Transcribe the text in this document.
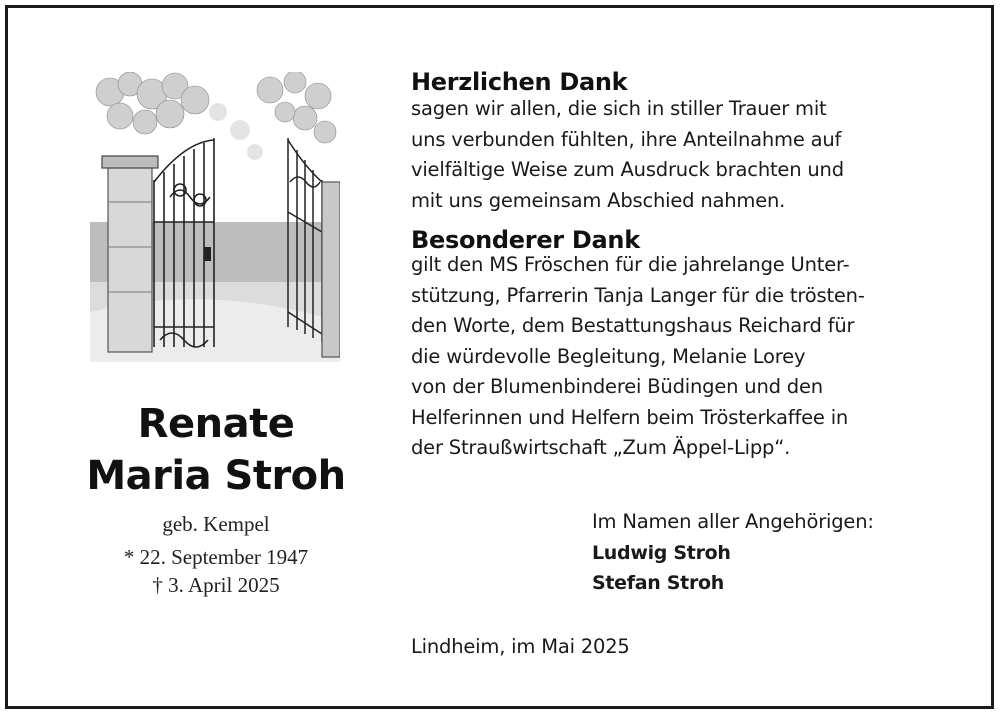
Renate
Maria Stroh
geb. Kempel
* 22. September 1947
† 3. April 2025
Herzlichen Dank
sagen wir allen, die sich in stiller Trauer mit
uns verbunden fühlten, ihre Anteilnahme auf
vielfältige Weise zum Ausdruck brachten und
mit uns gemeinsam Abschied nahmen.
Besonderer Dank
gilt den MS Fröschen für die jahrelange Unter-
stützung, Pfarrerin Tanja Langer für die trösten-
den Worte, dem Bestattungshaus Reichard für
die würdevolle Begleitung, Melanie Lorey
von der Blumenbinderei Büdingen und den
Helferinnen und Helfern beim Trösterkaffee in
der Straußwirtschaft „Zum Äppel-Lipp“.
Im Namen aller Angehörigen:
Ludwig Stroh
Stefan Stroh
Lindheim, im Mai 2025
